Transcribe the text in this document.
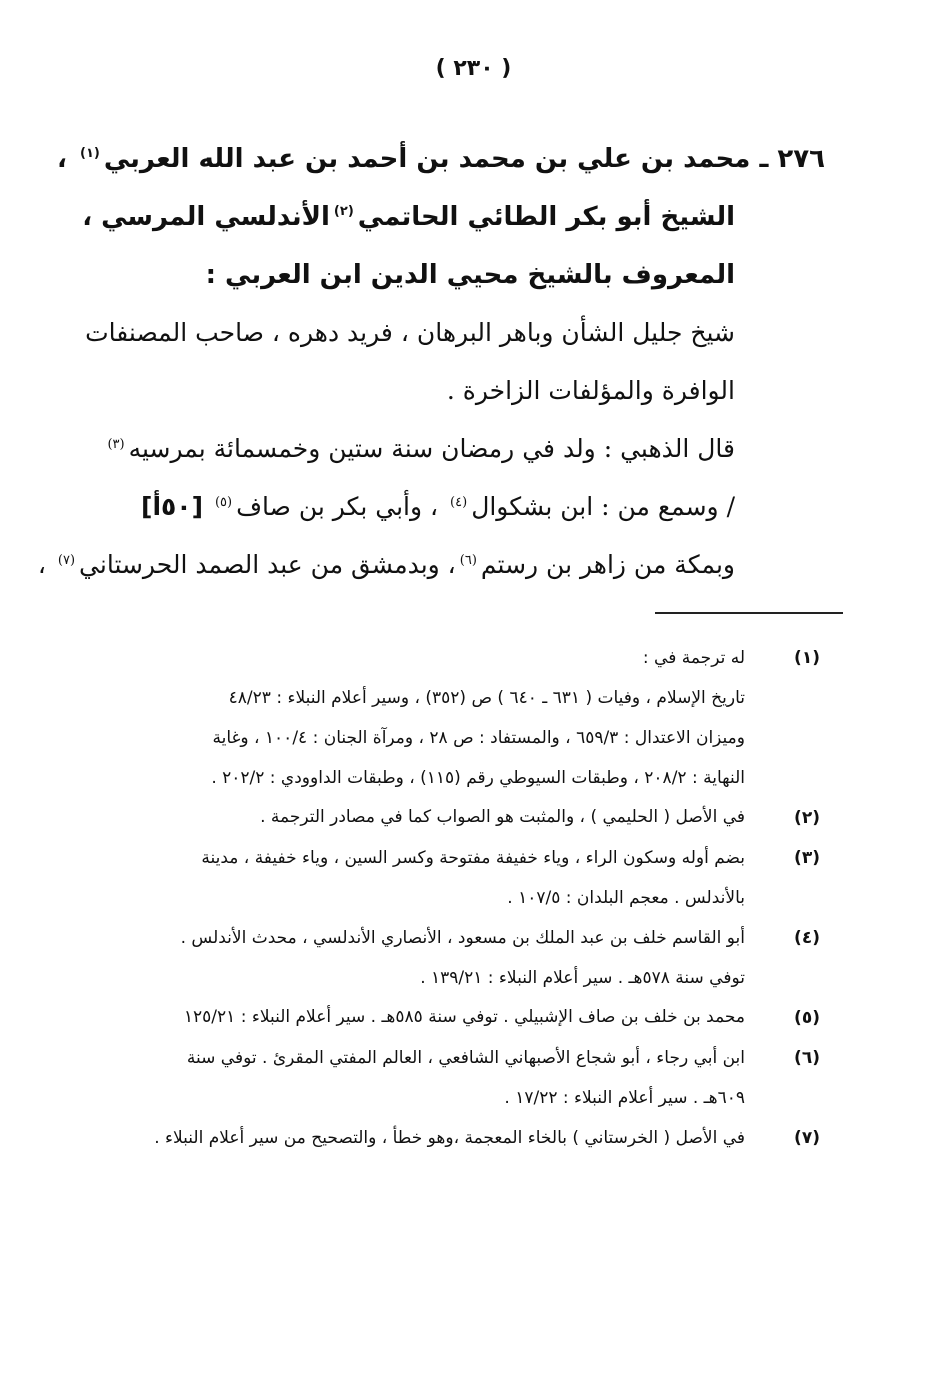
( ٢٣٠ )
٢٧٦ ـ محمد بن علي بن محمد بن أحمد بن عبد الله العربي$^{(١)}$ ،
الشيخ أبو بكر الطائي الحاتمي$^{(٢)}$الأندلسي المرسي ،
المعروف بالشيخ محيي الدين ابن العربي :
شيخ جليل الشأن وباهر البرهان ، فريد دهره ، صاحب المصنفات
الوافرة والمؤلفات الزاخرة .
قال الذهبي : ولد في رمضان سنة ستين وخمسمائة بمرسيه$^{(٣)}$
/ وسمع من : ابن بشكوال$^{(٤)}$ ، وأبي بكر بن صاف$^{(٥)}$ [٥٠أ]
وبمكة من زاهر بن رستم$^{(٦)}$، وبدمشق من عبد الصمد الحرستاني$^{(٧)}$ ،
(١)
له ترجمة في :
تاريخ الإسلام ، وفيات ( ٦٣١ ـ ٦٤٠ ) ص (٣٥٢) ، وسير أعلام النبلاء : ٤٨/٢٣
وميزان الاعتدال : ٦٥٩/٣ ، والمستفاد : ص ٢٨ ، ومرآة الجنان : ١٠٠/٤ ، وغاية
النهاية : ٢٠٨/٢ ، وطبقات السيوطي رقم (١١٥) ، وطبقات الداوودي : ٢٠٢/٢ .
(٢)
في الأصل ( الحليمي ) ، والمثبت هو الصواب كما في مصادر الترجمة .
(٣)
بضم أوله وسكون الراء ، وياء خفيفة مفتوحة وكسر السين ، وياء خفيفة ، مدينة
بالأندلس . معجم البلدان : ١٠٧/٥ .
(٤)
أبو القاسم خلف بن عبد الملك بن مسعود ، الأنصاري الأندلسي ، محدث الأندلس .
توفي سنة ٥٧٨هـ . سير أعلام النبلاء : ١٣٩/٢١ .
(٥)
محمد بن خلف بن صاف الإشبيلي . توفي سنة ٥٨٥هـ . سير أعلام النبلاء : ١٢٥/٢١
(٦)
ابن أبي رجاء ، أبو شجاع الأصبهاني الشافعي ، العالم المفتي المقرئ . توفي سنة
٦٠٩هـ . سير أعلام النبلاء : ١٧/٢٢ .
(٧)
في الأصل ( الخرستاني ) بالخاء المعجمة ،وهو خطأ ، والتصحيح من سير أعلام النبلاء .
